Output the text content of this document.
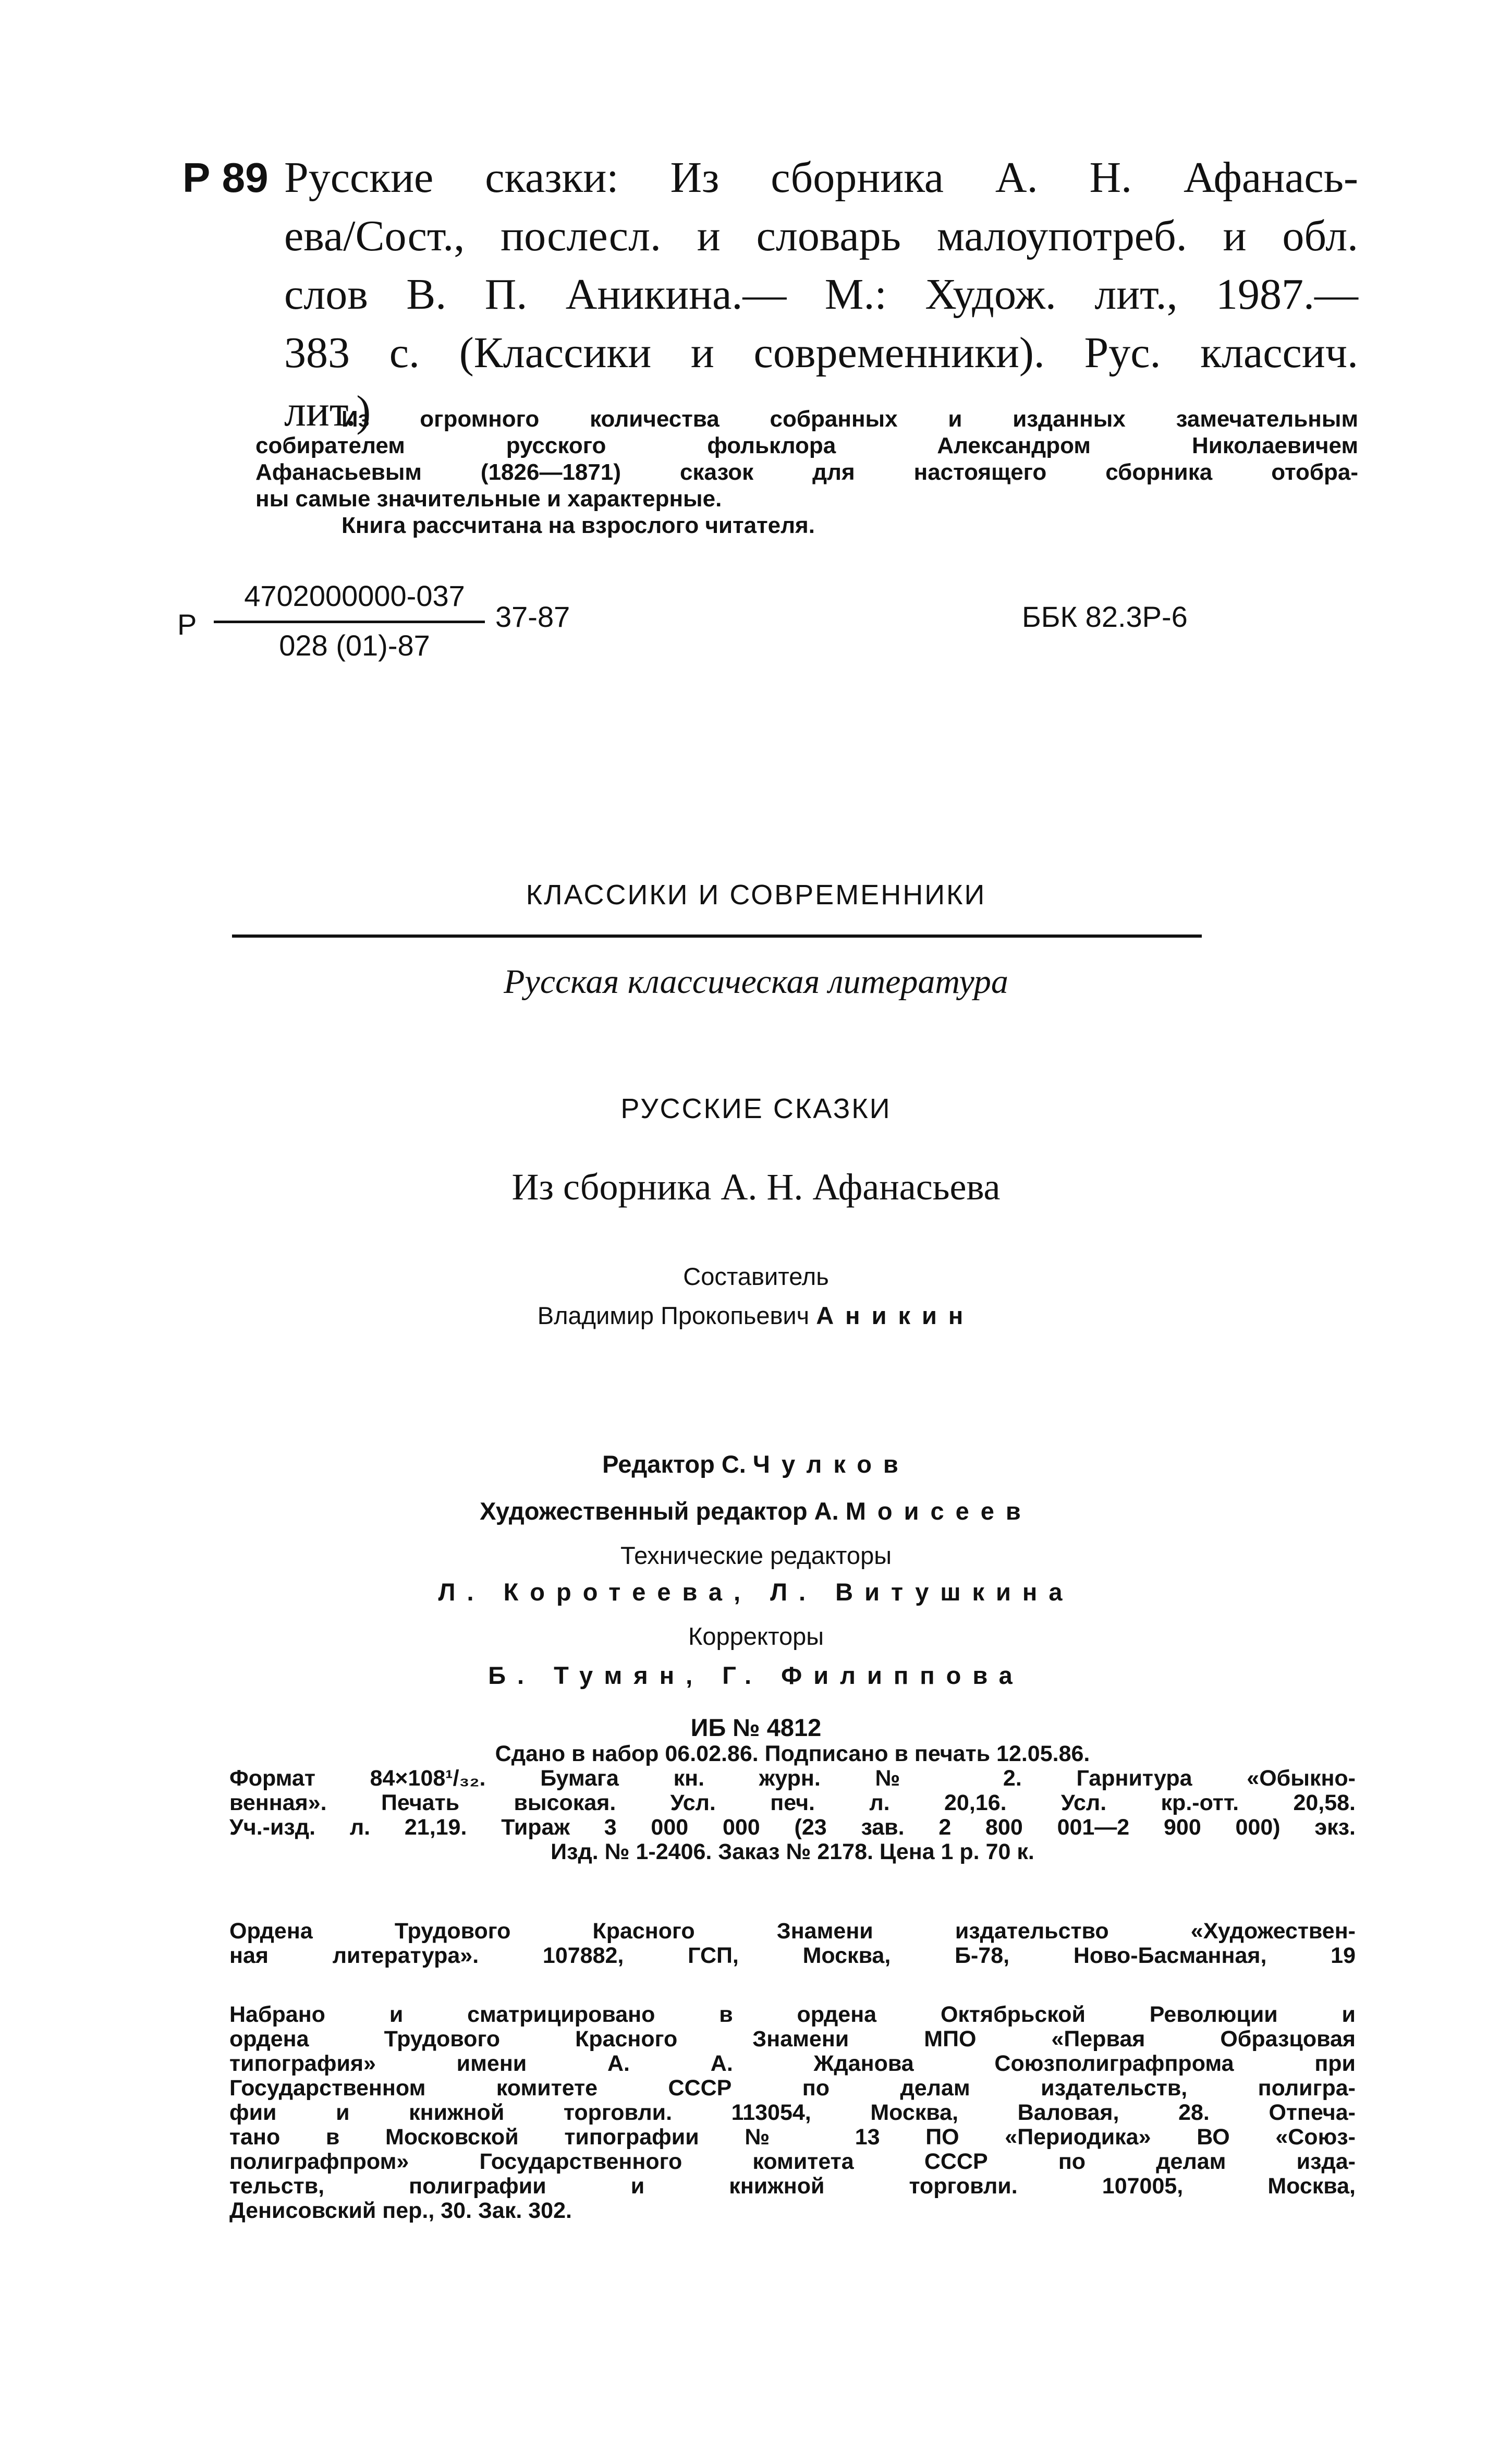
Р 89 Русские сказки: Из сборника А. Н. Афанась-
ева/Сост., послесл. и словарь малоупотреб. и обл.
слов В. П. Аникина.— М.: Худож. лит., 1987.—
383 с. (Классики и современники). Рус. классич.
лит.)
Из огромного количества собранных и изданных замечательным
собирателем русского фольклора Александром Николаевичем
Афанасьевым (1826—1871) сказок для настоящего сборника отобра-
ны самые значительные и характерные.
Книга рассчитана на взрослого читателя.
Р
4702000000-037
028 (01)-87
37-87	ББК 82.3Р-6
КЛАССИКИ И СОВРЕМЕННИКИ
Русская классическая литература
РУССКИЕ СКАЗКИ
Из сборника А. Н. Афанасьева
Составитель
Владимир Прокопьевич Аникин
Редактор С. Чулков
Художественный редактор А. Моисеев
Технические редакторы
Л. Коротеева, Л. Витушкина
Корректоры
Б. Тумян, Г. Филиппова
ИБ № 4812
Сдано в набор 06.02.86. Подписано в печать 12.05.86.
Формат 84×108¹/₃₂. Бумага кн. журн. № 2. Гарнитура «Обыкно-
венная». Печать высокая. Усл. печ. л. 20,16. Усл. кр.-отт. 20,58.
Уч.-изд. л. 21,19. Тираж 3 000 000 (23 зав. 2 800 001—2 900 000) экз.
Изд. № 1-2406. Заказ № 2178. Цена 1 р. 70 к.
Ордена Трудового Красного Знамени издательство «Художествен-
ная литература». 107882, ГСП, Москва, Б-78, Ново-Басманная, 19
Набрано и сматрицировано в ордена Октябрьской Революции и
ордена Трудового Красного Знамени МПО «Первая Образцовая
типография» имени А. А. Жданова Союзполиграфпрома при
Государственном комитете СССР по делам издательств, полигра-
фии и книжной торговли. 113054, Москва, Валовая, 28. Отпеча-
тано в Московской типографии № 13 ПО «Периодика» ВО «Союз-
полиграфпром» Государственного комитета СССР по делам изда-
тельств, полиграфии и книжной торговли. 107005, Москва,
Денисовский пер., 30. Зак. 302.
